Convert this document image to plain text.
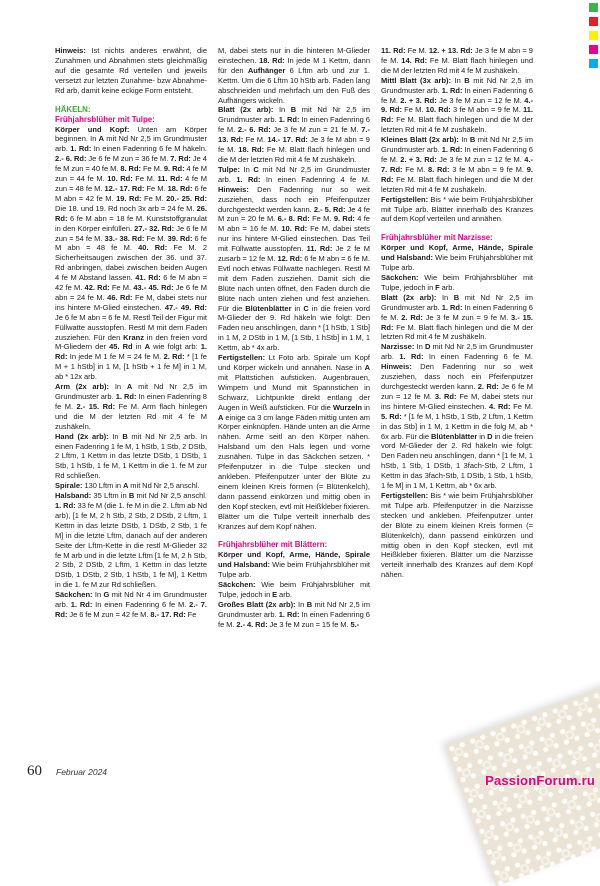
Hinweis: Ist nichts anderes erwähnt, die Zunahmen und Abnahmen stets gleichmäßig auf die gesamte Rd verteilen und jeweils versetzt zur letzten Zunahme- bzw Abnahme-Rd arb, damit keine eckige Form entsteht.

HÄKELN:

Frühjahrsblüher mit Tulpe:

Körper und Kopf: Unten am Körper beginnen. In A mit Nd Nr 2,5 im Grundmuster arb. 1. Rd: In einen Fadenring 6 fe M häkeln. 2.- 6. Rd: Je 6 fe M zun = 36 fe M. 7. Rd: Je 4 fe M zun = 40 fe M. 8. Rd: Fe M. 9. Rd: 4 fe M zun = 44 fe M. 10. Rd: Fe M. 11. Rd: 4 fe M zun = 48 fe M. 12.- 17. Rd: Fe M. 18. Rd: 6 fe M abn = 42 fe M. 19. Rd: Fe M. 20.- 25. Rd: Die 18. und 19. Rd noch 3x arb = 24 fe M. 26. Rd: 6 fe M abn = 18 fe M. Kunststoffgranulat in den Körper einfüllen. 27.- 32. Rd: Je 6 fe M zun = 54 fe M. 33.- 38. Rd: Fe M. 39. Rd: 6 fe M abn = 48 fe M. 40. Rd: Fe M. 2 Sicherheitsaugen zwischen der 36. und 37. Rd anbringen, dabei zwischen beiden Augen 4 fe M Abstand lassen. 41. Rd: 6 fe M abn = 42 fe M. 42. Rd: Fe M. 43.- 45. Rd: Je 6 fe M abn = 24 fe M. 46. Rd: Fe M, dabei stets nur ins hintere M-Glied einstechen. 47.- 49. Rd: Je 6 fe M abn = 6 fe M. Restl Teil der Figur mit Füllwatte ausstopfen. Restl M mit dem Faden zusziehen. Für den Kranz in den freien vord M-Gliedern der 45. Rd in A wie folgt arb: 1. Rd: In jede M 1 fe M = 24 fe M. 2. Rd: * [1 fe M + 1 hStb] in 1 M, [1 hStb + 1 fe M] in 1 M, ab * 12x arb.

Arm (2x arb): In A mit Nd Nr 2,5 im Grundmuster arb. 1. Rd: In einen Fadenring 8 fe M. 2.- 15. Rd: Fe M. Arm flach hinlegen und die M der letzten Rd mit 4 fe M zushäkeln.

Hand (2x arb): In B mit Nd Nr 2,5 arb. In einen Fadenring 1 fe M, 1 hStb, 1 Stb, 2 DStb, 2 Lftm, 1 Kettm in das letzte DStb, 1 DStb, 1 Stb, 1 hStb, 1 fe M, 1 Kettm in die 1. fe M zur Rd schließen.

Spirale: 130 Lftm in A mit Nd Nr 2,5 anschl.

Halsband: 35 Lftm in B mit Nd Nr 2,5 anschl. 1. Rd: 33 fe M (die 1. fe M in die 2. Lftm ab Nd arb), [1 fe M, 2 h Stb, 2 Stb, 2 DStb, 2 Lftm, 1 Kettm in das letzte DStb, 1 DStb, 2 Stb, 1 fe M] in die letzte Lftm, danach auf der anderen Seite der Lftm-Kette in die restl M-Glieder 32 fe M arb und in die letzte Lftm [1 fe M, 2 h Stb, 2 Stb, 2 DStb, 2 Lftm, 1 Kettm in das letzte DStb, 1 DStb, 2 Stb, 1 hStb, 1 fe M], 1 Kettm in die 1. fe M zur Rd schließen.

Säckchen: In G mit Nd Nr 4 im Grundmuster arb. 1. Rd: In einen Fadenring 6 fe M. 2.- 7. Rd: Je 6 fe M zun = 42 fe M. 8.- 17. Rd: Fe

M, dabei stets nur in die hinteren M-Glieder einstechen. 18. Rd: In jede M 1 Kettm, dann für den Aufhänger 6 Lftm arb und zur 1. Kettm. Um die 6 Lftm 10 hStb arb. Faden lang abschneiden und mehrfach um den Fuß des Aufhängers wickeln.

Blatt (2x arb): In B mit Nd Nr 2,5 im Grundmuster arb. 1. Rd: In einen Fadenring 6 fe M. 2.- 6. Rd: Je 3 fe M zun = 21 fe M. 7.- 13. Rd: Fe M. 14.- 17. Rd: Je 3 fe M abn = 9 fe M. 18. Rd: Fe M. Blatt flach hinlegen und die M der letzten Rd mit 4 fe M zushäkeln.

Tulpe: In C mit Nd Nr 2,5 im Grundmuster arb. 1. Rd: In einen Fadenring 4 fe M. Hinweis: Den Fadenring nur so weit zusziehen, dass noch ein Pfeifenputzer durchgesteckt werden kann. 2.- 5. Rd: Je 4 fe M zun = 20 fe M. 6.- 8. Rd: Fe M. 9. Rd: 4 fe M abn = 16 fe M. 10. Rd: Fe M, dabei stets nur ins hintere M-Glied einstechen. Das Teil mit Füllwatte ausstopfen. 11. Rd: Je 2 fe M zusarb = 12 fe M. 12. Rd: 6 fe M abn = 6 fe M. Evtl noch etwas Füllwatte nachlegen. Restl M mit dem Faden zusziehen. Damit sich die Blüte nach unten öffnet, den Faden durch die Blüte nach unten ziehen und fest anziehen. Für die Blütenblätter in C in die freien vord M-Glieder der 9. Rd häkeln wie folgt: Den Faden neu anschlingen, dann * [1 hStb, 1 Stb] in 1 M, 2 DStb in 1 M, [1 Stb, 1 hStb] in 1 M, 1 Kettm, ab * 4x arb.

Fertigstellen: Lt Foto arb. Spirale um Kopf und Körper wickeln und annähen. Nase in A mit Plattstichen aufsticken. Augenbrauen, Wimpern und Mund mit Spannstichen in Schwarz, Lichtpunkte direkt entlang der Augen in Weiß aufsticken. Für die Wurzeln in A einige ca 3 cm lange Fäden mittig unten am Körper einknüpfen. Hände unten an die Arme nähen. Arme seitl an den Körper nähen. Halsband um den Hals legen und vorne zusnähen. Tulpe in das Säckchen setzen. * Pfeifenputzer in die Tulpe stecken und ankleben. Pfeifenputzer unter der Blüte zu einem kleinen Kreis formen (= Blütenkelch), dann passend einkürzen und mittig oben in den Kopf stecken, evtl mit Heißkleber fixieren. Blätter um die Tulpe verteilt innerhalb des Kranzes auf dem Kopf nähen.

Frühjahrsblüher mit Blättern:

Körper und Kopf, Arme, Hände, Spirale und Halsband: Wie beim Frühjahrsblüher mit Tulpe arb.

Säckchen: Wie beim Frühjahrsblüher mit Tulpe, jedoch in E arb.

Großes Blatt (2x arb): In B mit Nd Nr 2,5 im Grundmuster arb. 1. Rd: In einen Fadenring 6 fe M. 2.- 4. Rd: Je 3 fe M zun = 15 fe M. 5.-

11. Rd: Fe M. 12. + 13. Rd: Je 3 fe M abn = 9 fe M. 14. Rd: Fe M. Blatt flach hinlegen und die M der letzten Rd mit 4 fe M zushäkeln.

Mittl Blatt (3x arb): In B mit Nd Nr 2,5 im Grundmuster arb. 1. Rd: In einen Fadenring 6 fe M. 2. + 3. Rd: Je 3 fe M zun = 12 fe M. 4.- 9. Rd: Fe M. 10. Rd: 3 fe M abn = 9 fe M. 11. Rd: Fe M. Blatt flach hinlegen und die M der letzten Rd mit 4 fe M zushäkeln.

Kleines Blatt (2x arb): In B mit Nd Nr 2,5 im Grundmuster arb. 1. Rd: In einen Fadenring 6 fe M. 2. + 3. Rd: Je 3 fe M zun = 12 fe M. 4.- 7. Rd: Fe M. 8. Rd: 3 fe M abn = 9 fe M. 9. Rd: Fe M. Blatt flach hinlegen und die M der letzten Rd mit 4 fe M zushäkeln.

Fertigstellen: Bis * wie beim Frühjahrsblüher mit Tulpe arb. Blätter innerhalb des Kranzes auf dem Kopf verteilen und annähen.

Frühjahrsblüher mit Narzisse:

Körper und Kopf, Arme, Hände, Spirale und Halsband: Wie beim Frühjahrsblüher mit Tulpe arb.

Säckchen: Wie beim Frühjahrsblüher mit Tulpe, jedoch in F arb.

Blatt (2x arb): In B mit Nd Nr 2,5 im Grundmuster arb. 1. Rd: In einen Fadenring 6 fe M. 2. Rd: Je 3 fe M zun = 9 fe M. 3.- 15. Rd: Fe M. Blatt flach hinlegen und die M der letzten Rd mit 4 fe M zushäkeln.

Narzisse: In D mit Nd Nr 2,5 im Grundmuster arb. 1. Rd: In einen Fadenring 6 fe M. Hinweis: Den Fadenring nur so weit zusziehen, dass noch ein Pfeifenputzer durchgesteckt werden kann. 2. Rd: Je 6 fe M zun = 12 fe M. 3. Rd: Fe M, dabei stets nur ins hintere M-Glied einstechen. 4. Rd: Fe M. 5. Rd: * [1 fe M, 1 hStb, 1 Stb, 2 Lftm, 1 Kettm in das Stb] in 1 M, 1 Kettm in die folg M, ab * 6x arb. Für die Blütenblätter in D in die freien vord M-Glieder der 2. Rd häkeln wie folgt: Den Faden neu anschlingen, dann * [1 fe M, 1 hStb, 1 Stb, 1 DStb, 1 3fach-Stb, 2 Lftm, 1 Kettm in das 3fach-Stb, 1 DStb, 1 Stb, 1 hStb, 1 fe M] in 1 M, 1 Kettm, ab * 6x arb.

Fertigstellen: Bis * wie beim Frühjahrsblüher mit Tulpe arb. Pfeifenputzer in die Narzisse stecken und ankleben. Pfeifenputzer unter der Blüte zu einem kleinen Kreis formen (= Blütenkelch), dann passend einkürzen und mittig oben in den Kopf stecken, evtl mit Heißkleber fixieren. Blätter um die Narzisse verteilt innerhalb des Kranzes auf dem Kopf nähen.

60 Februar 2024
PassionForum.ru
